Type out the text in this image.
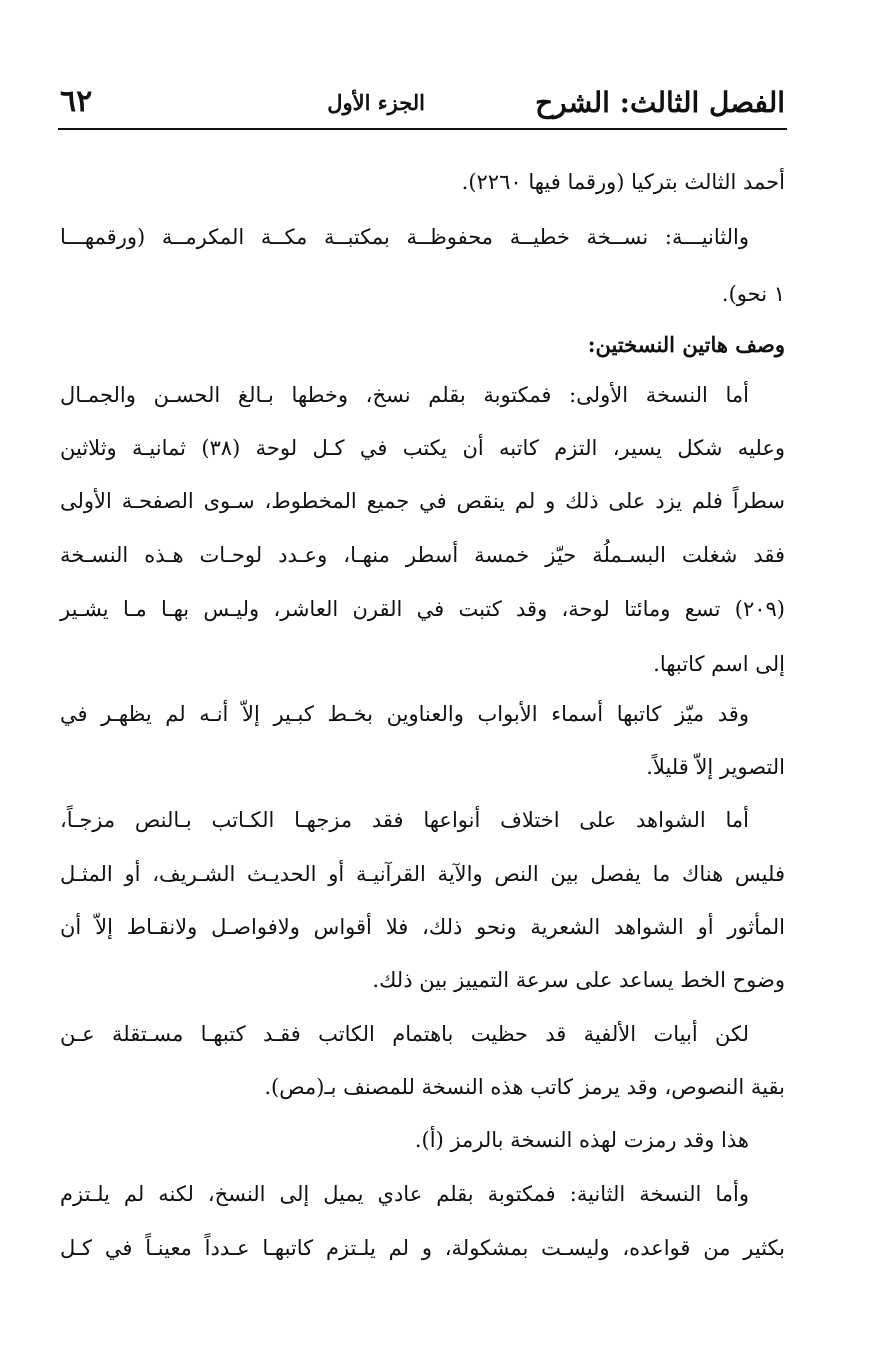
الفصل الثالث: الشرح
الجزء الأول
٦٢
أحمد الثالث بتركيا (ورقما فيها ٢٢٦٠).
والثانيـــة: نســخة خطيــة محفوظــة بمكتبــة مكــة المكرمــة (ورقمهـــا
١ نحو).
وصف هاتين النسختين:
أما النسخة الأولى: فمكتوبة بقلم نسخ، وخطها بـالغ الحسـن والجمـال
وعليه شكل يسير، التزم كاتبه أن يكتب في كـل لوحة (٣٨) ثمانيـة وثلاثين
سطراً فلم يزد على ذلك و لم ينقص في جميع المخطوط، سـوى الصفحـة الأولى
فقد شغلت البسـملُة حيّز خمسة أسطر منهـا، وعـدد لوحـات هـذه النسـخة
(٢٠٩) تسع ومائتا لوحة، وقد كتبت في القرن العاشر، وليـس بهـا مـا يشـير
إلى اسم كاتبها.
وقد ميّز كاتبها أسماء الأبواب والعناوين بخـط كبـير إلاّ أنـه لم يظهـر في
التصوير إلاّ قليلاً.
أما الشواهد على اختلاف أنواعها فقد مزجهـا الكـاتب بـالنص مزجـاً،
فليس هناك ما يفصل بين النص والآية القرآنيـة أو الحديـث الشـريف، أو المثـل
المأثور أو الشواهد الشعرية ونحو ذلك، فلا أقواس ولافواصـل ولانقـاط إلاّ أن
وضوح الخط يساعد على سرعة التمييز بين ذلك.
لكن أبيات الألفية قد حظيت باهتمام الكاتب فقـد كتبهـا مسـتقلة عـن
بقية النصوص، وقد يرمز كاتب هذه النسخة للمصنف بـ(مص).
هذا وقد رمزت لهذه النسخة بالرمز (أ).
وأما النسخة الثانية: فمكتوبة بقلم عادي يميل إلى النسخ، لكنه لم يلـتزم
بكثير من قواعده، وليسـت بمشكولة، و لم يلـتزم كاتبهـا عـدداً معينـاً في كـل
